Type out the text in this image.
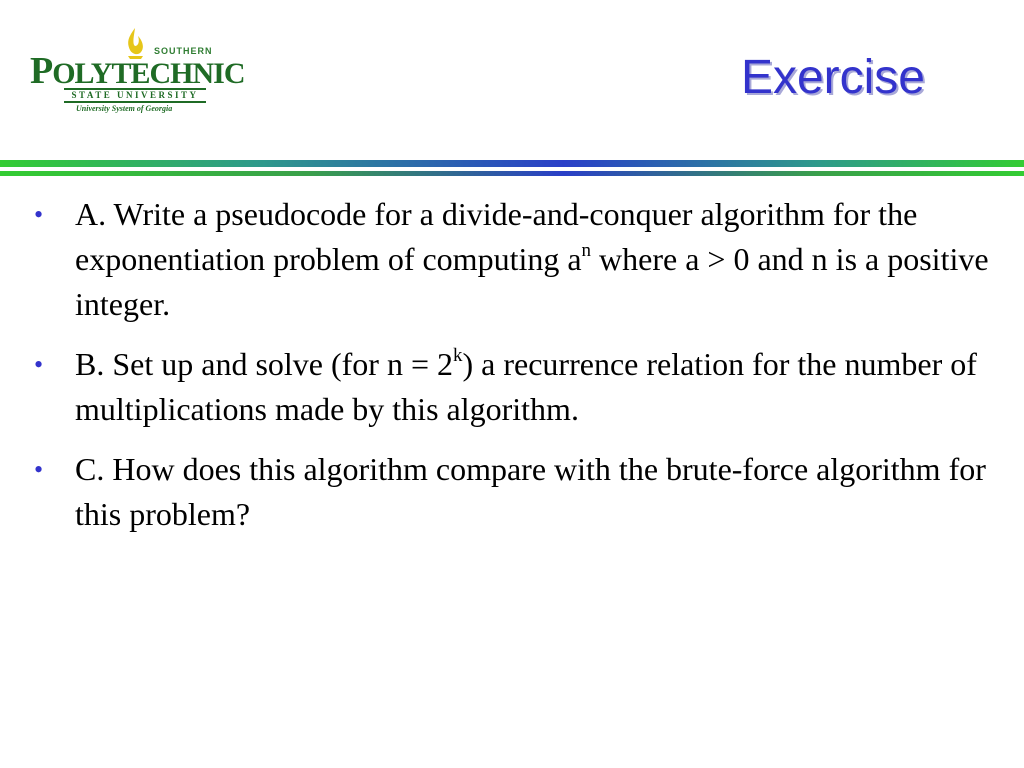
SOUTHERN
POLYTECHNIC
STATE UNIVERSITY
University System of Georgia
Exercise
• A. Write a pseudocode for a divide-and-conquer algorithm for the exponentiation problem of computing $a^n$ where a > 0 and n is a positive integer.
• B. Set up and solve (for $n = 2^k$) a recurrence relation for the number of multiplications made by this algorithm.
• C. How does this algorithm compare with the brute-force algorithm for this problem?
